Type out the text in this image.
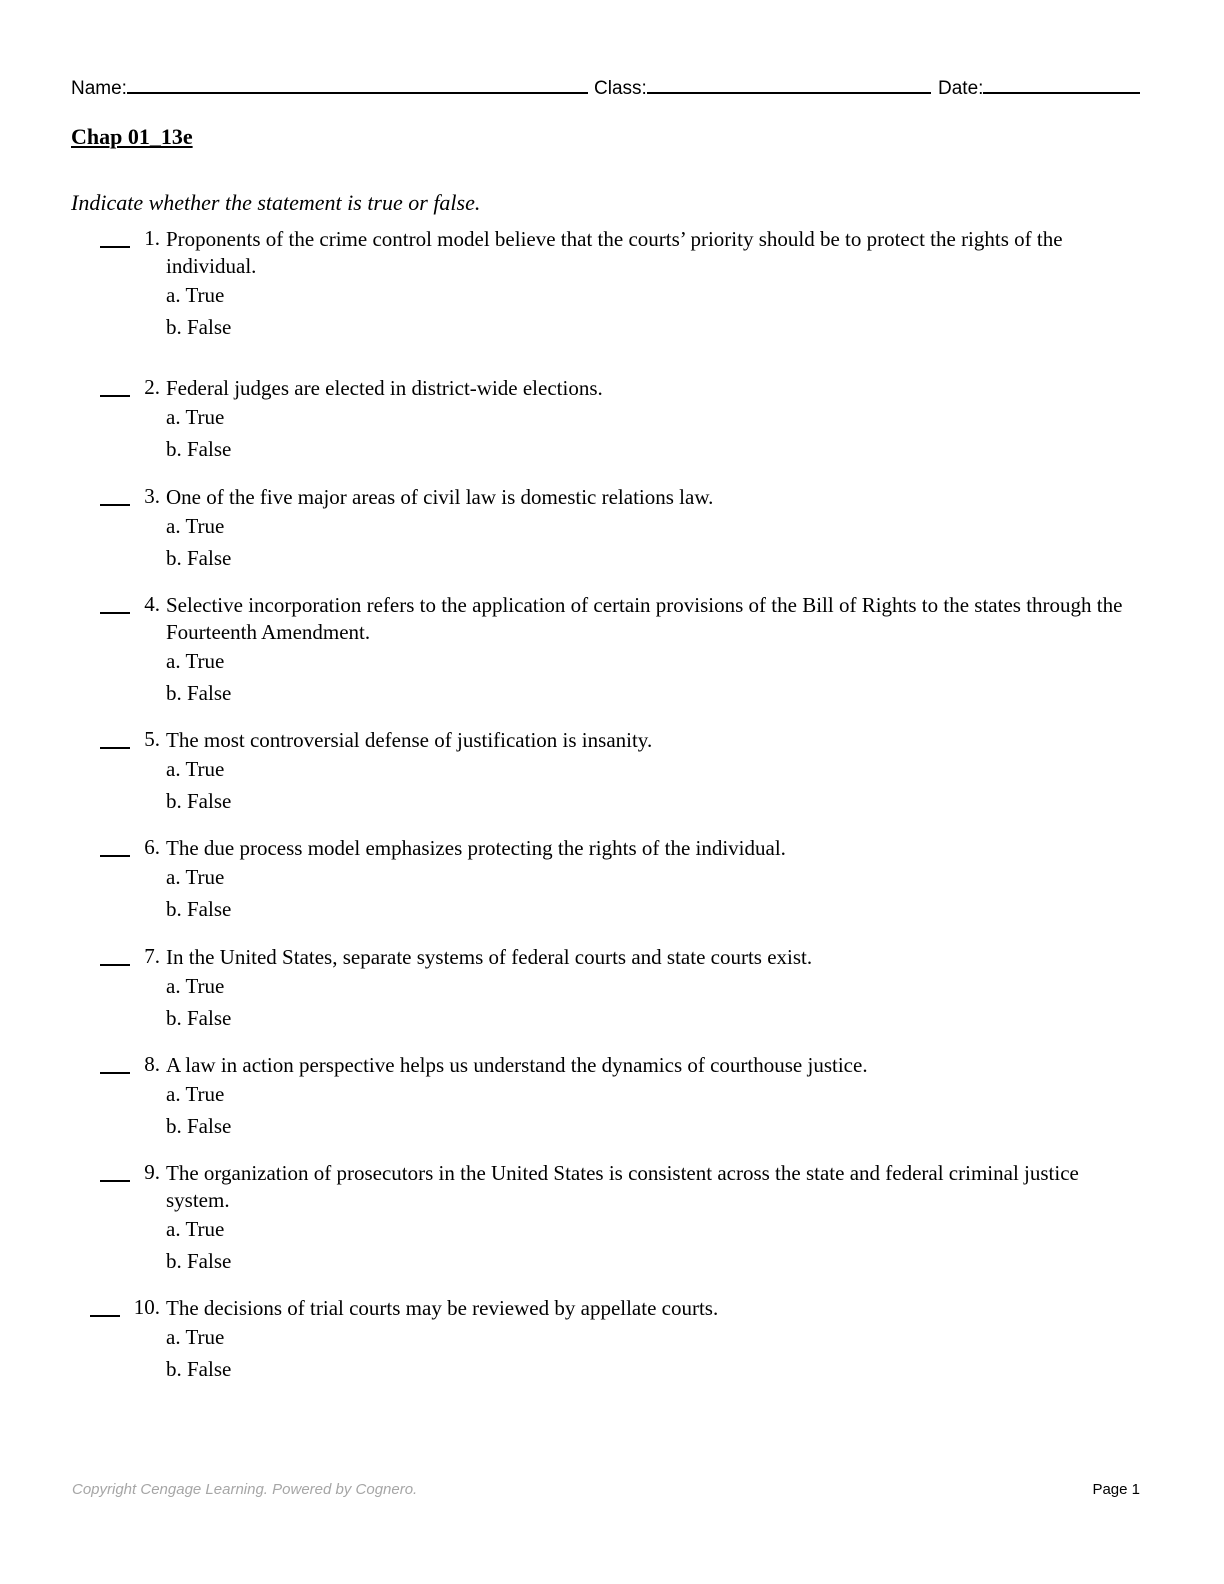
Name:	Class:	Date:
Chap 01_13e
Indicate whether the statement is true or false.
1. Proponents of the crime control model believe that the courts’ priority should be to protect the rights of the individual.
a. True
b. False
2. Federal judges are elected in district-wide elections.
a. True
b. False
3. One of the five major areas of civil law is domestic relations law.
a. True
b. False
4. Selective incorporation refers to the application of certain provisions of the Bill of Rights to the states through the Fourteenth Amendment.
a. True
b. False
5. The most controversial defense of justification is insanity.
a. True
b. False
6. The due process model emphasizes protecting the rights of the individual.
a. True
b. False
7. In the United States, separate systems of federal courts and state courts exist.
a. True
b. False
8. A law in action perspective helps us understand the dynamics of courthouse justice.
a. True
b. False
9. The organization of prosecutors in the United States is consistent across the state and federal criminal justice system.
a. True
b. False
10. The decisions of trial courts may be reviewed by appellate courts.
a. True
b. False
Copyright Cengage Learning. Powered by Cognero.	Page 1
